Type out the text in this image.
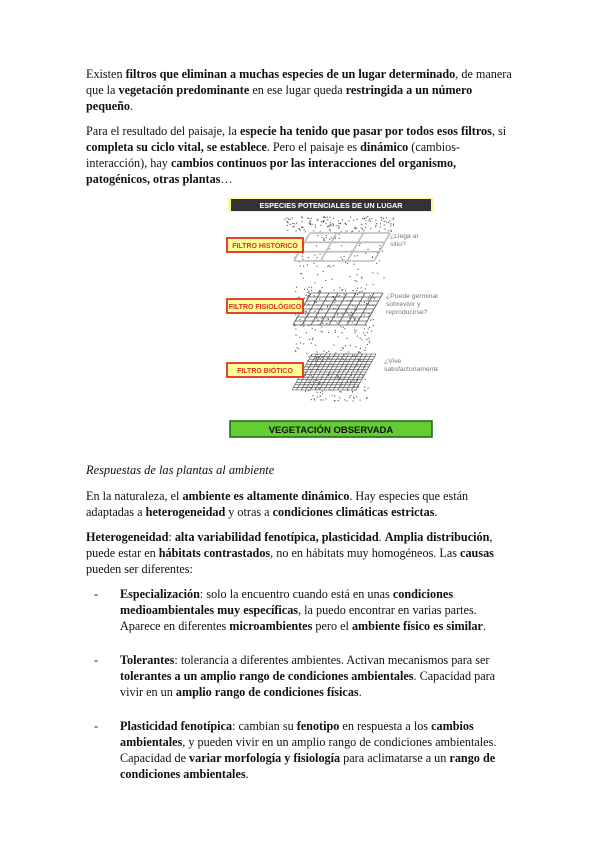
Existen filtros que eliminan a muchas especies de un lugar determinado, de manera que la vegetación predominante en ese lugar queda restringida a un número pequeño.

Para el resultado del paisaje, la especie ha tenido que pasar por todos esos filtros, si completa su ciclo vital, se establece. Pero el paisaje es dinámico (cambios-interacción), hay cambios continuos por las interacciones del organismo, patogénicos, otras plantas…

ESPECIES POTENCIALES DE UN LUGAR
FILTRO HISTÓRICO
¿Llega al sitio?
FILTRO FISIOLÓGICO
¿Puede germinar, sobrevivir y reproducirse?
FILTRO BIÓTICO
¿Vive satisfactoriamente?
VEGETACIÓN OBSERVADA
Respuestas de las plantas al ambiente

En la naturaleza, el ambiente es altamente dinámico. Hay especies que están adaptadas a heterogeneidad y otras a condiciones climáticas estrictas.

Heterogeneidad: alta variabilidad fenotípica, plasticidad. Amplia distribución, puede estar en hábitats contrastados, no en hábitats muy homogéneos. Las causas pueden ser diferentes:

- Especialización: solo la encuentro cuando está en unas condiciones medioambientales muy específicas, la puedo encontrar en varias partes. Aparece en diferentes microambientes pero el ambiente físico es similar.
- Tolerantes: tolerancia a diferentes ambientes. Activan mecanismos para ser tolerantes a un amplio rango de condiciones ambientales. Capacidad para vivir en un amplio rango de condiciones físicas.
- Plasticidad fenotípica: cambian su fenotipo en respuesta a los cambios ambientales, y pueden vivir en un amplio rango de condiciones ambientales. Capacidad de variar morfología y fisiología para aclimatarse a un rango de condiciones ambientales.
